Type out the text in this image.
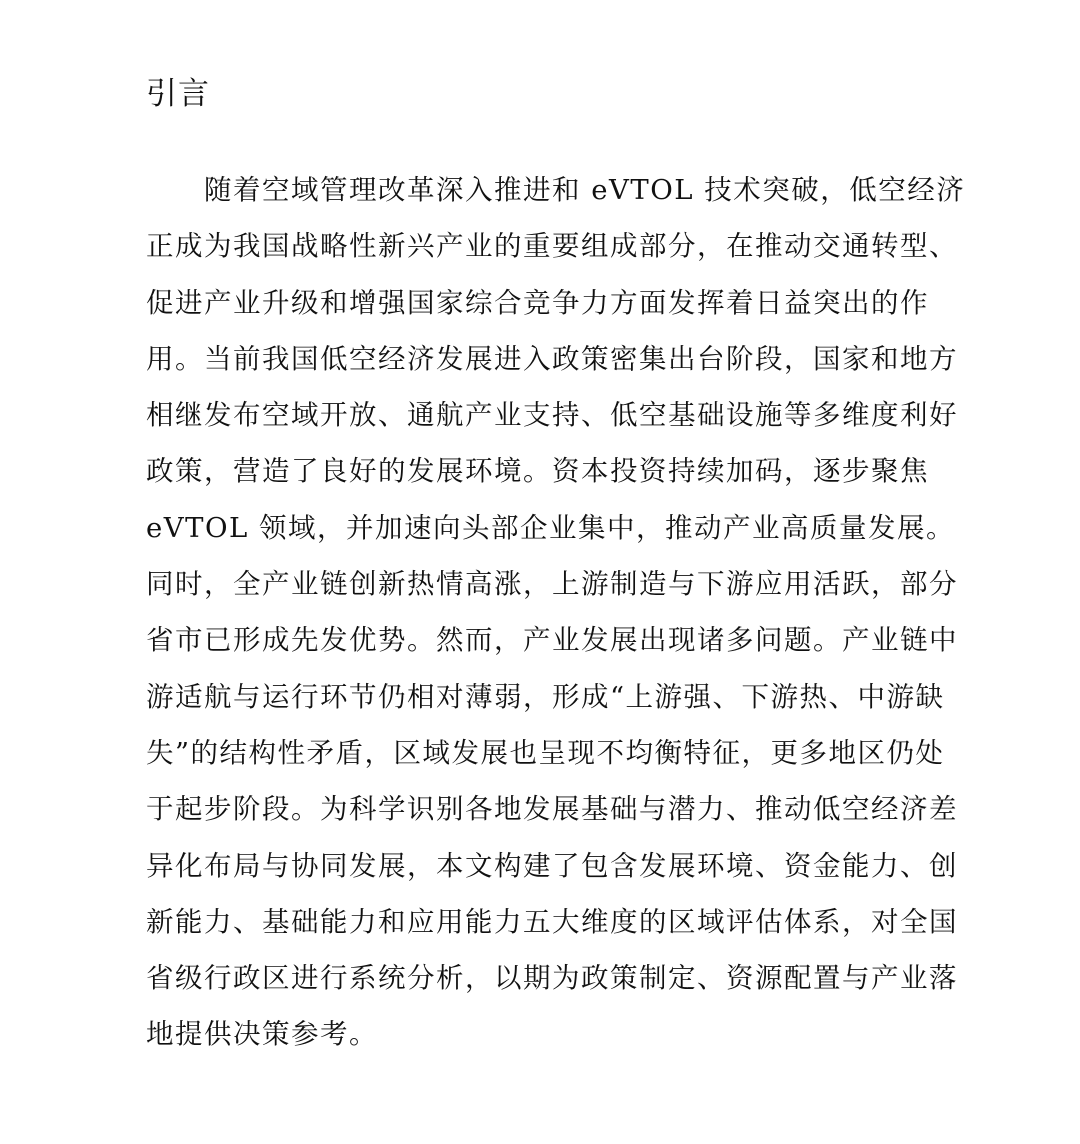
引言
随着空域管理改革深入推进和 eVTOL 技术突破，低空经济
正成为我国战略性新兴产业的重要组成部分，在推动交通转型、
促进产业升级和增强国家综合竞争力方面发挥着日益突出的作
用。当前我国低空经济发展进入政策密集出台阶段，国家和地方
相继发布空域开放、通航产业支持、低空基础设施等多维度利好
政策，营造了良好的发展环境。资本投资持续加码，逐步聚焦
eVTOL 领域，并加速向头部企业集中，推动产业高质量发展。
同时，全产业链创新热情高涨，上游制造与下游应用活跃，部分
省市已形成先发优势。然而，产业发展出现诸多问题。产业链中
游适航与运行环节仍相对薄弱，形成“上游强、下游热、中游缺
失”的结构性矛盾，区域发展也呈现不均衡特征，更多地区仍处
于起步阶段。为科学识别各地发展基础与潜力、推动低空经济差
异化布局与协同发展，本文构建了包含发展环境、资金能力、创
新能力、基础能力和应用能力五大维度的区域评估体系，对全国
省级行政区进行系统分析，以期为政策制定、资源配置与产业落
地提供决策参考。
